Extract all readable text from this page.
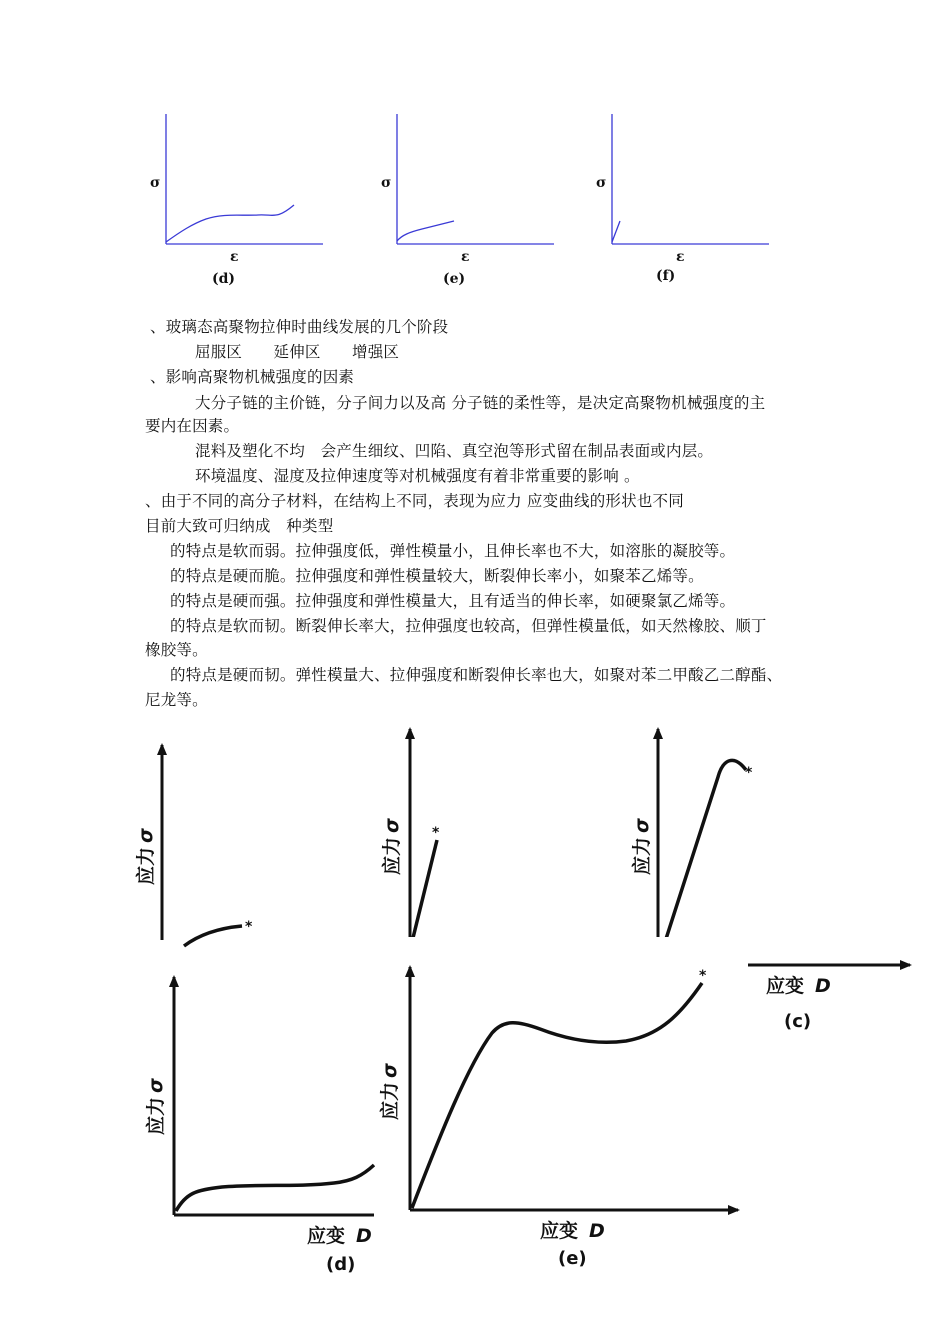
σ
ε
(d)
σ
ε
(e)
σ
ε
(f)
、玻璃态高聚物拉伸时曲线发展的几个阶段
屈服区　　延伸区　　增强区
、影响高聚物机械强度的因素
大分子链的主价链，分子间力以及高 分子链的柔性等，是决定高聚物机械强度的主
要内在因素。
混料及塑化不均　会产生细纹、凹陷、真空泡等形式留在制品表面或内层。
环境温度、湿度及拉伸速度等对机械强度有着非常重要的影响 。
、由于不同的高分子材料，在结构上不同，表现为应力 应变曲线的形状也不同
目前大致可归纳成　种类型
的特点是软而弱。拉伸强度低，弹性模量小，且伸长率也不大，如溶胀的凝胶等。
的特点是硬而脆。拉伸强度和弹性模量较大，断裂伸长率小，如聚苯乙烯等。
的特点是硬而强。拉伸强度和弹性模量大，且有适当的伸长率，如硬聚氯乙烯等。
的特点是软而韧。断裂伸长率大，拉伸强度也较高，但弹性模量低，如天然橡胶、顺丁
橡胶等。
的特点是硬而韧。弹性模量大、拉伸强度和断裂伸长率也大，如聚对苯二甲酸乙二醇酯、
尼龙等。
*
应力
σ	*
应力
σ
*
应力
σ
应变 D
(c)
应力
σ
应变 D
(d)
*
应力
σ
应变 D
(e)
